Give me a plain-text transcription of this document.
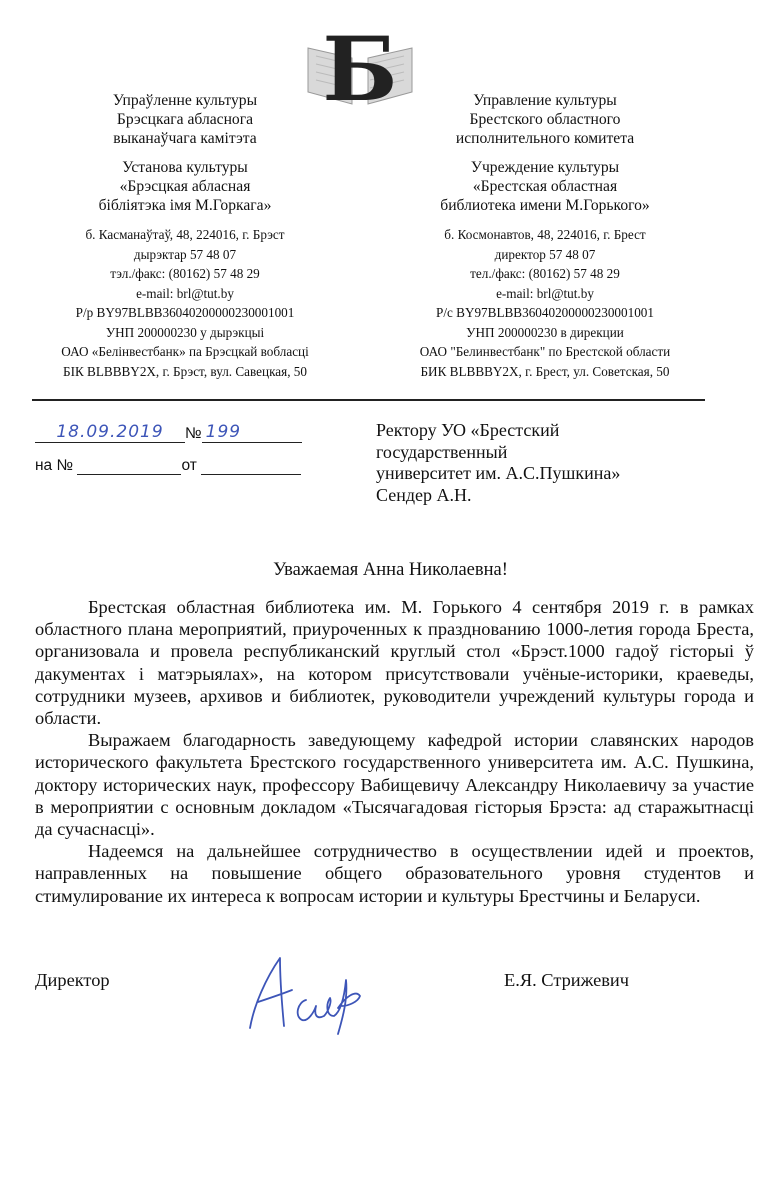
Б
Упраўленне культуры
Брэсцкага абласнога
выканаўчага камітэта
Установа культуры
«Брэсцкая абласная
бібліятэка імя М.Горкага»
б. Касманаўтаў, 48, 224016, г. Брэст
дырэктар 57 48 07
тэл./факс: (80162) 57 48 29
e-mail: brl@tut.by
Р/р BY97BLBB36040200000230001001
УНП 200000230 у дырэкцыі
ОАО «Белінвестбанк» па Брэсцкай вобласці
БІК BLBBBY2X, г. Брэст, вул. Савецкая, 50
Управление культуры
Брестского областного
исполнительного комитета
Учреждение культуры
«Брестская областная
библиотека имени М.Горького»
б. Космонавтов, 48, 224016, г. Брест
директор 57 48 07
тел./факс: (80162) 57 48 29
e-mail: brl@tut.by
Р/с BY97BLBB36040200000230001001
УНП 200000230 в дирекции
ОАО "Белинвестбанк" по Брестской области
БИК BLBBBY2X, г. Брест, ул. Советская, 50
18.09.2019	№ 199
на №	от
Ректору УО «Брестский
государственный
университет им. А.С.Пушкина»
Сендер А.Н.
Уважаемая Анна Николаевна!

Брестская областная библиотека им. М. Горького 4 сентября 2019 г. в рамках областного плана мероприятий, приуроченных к празднованию 1000-летия города Бреста, организовала и провела республиканский круглый стол «Брэст.1000 гадоў гісторыі ў дакументах і матэрыялах», на котором присутствовали учёные-историки, краеведы, сотрудники музеев, архивов и библиотек, руководители учреждений культуры города и области.

Выражаем благодарность заведующему кафедрой истории славянских народов исторического факультета Брестского государственного университета им. А.С. Пушкина, доктору исторических наук, профессору Вабищевичу Александру Николаевичу за участие в мероприятии с основным докладом «Тысячагадовая гісторыя Брэста: ад старажытнасці да сучаснасці».

Надеемся на дальнейшее сотрудничество в осуществлении идей и проектов, направленных на повышение общего образовательного уровня студентов и стимулирование их интереса к вопросам истории и культуры Брестчины и Беларуси.

Директор	Е.Я. Стрижевич
